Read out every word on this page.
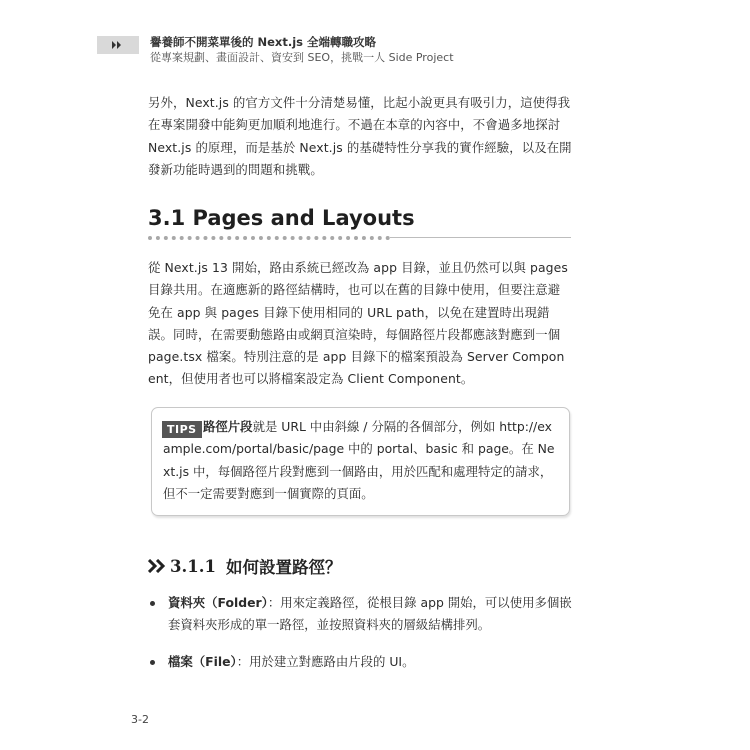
譽養師不開菜單後的 Next.js 全端轉職攻略
從專案規劃、畫面設計、資安到 SEO，挑戰一人 Side Project

另外，Next.js 的官方文件十分清楚易懂，比起小說更具有吸引力，這使得我在專案開發中能夠更加順利地進行。不過在本章的內容中，不會過多地探討 Next.js 的原理，而是基於 Next.js 的基礎特性分享我的實作經驗，以及在開發新功能時遇到的問題和挑戰。

3.1 Pages and Layouts

從 Next.js 13 開始，路由系統已經改為 app 目錄，並且仍然可以與 pages 目錄共用。在適應新的路徑結構時，也可以在舊的目錄中使用，但要注意避免在 app 與 pages 目錄下使用相同的 URL path，以免在建置時出現錯誤。同時，在需要動態路由或網頁渲染時，每個路徑片段都應該對應到一個 page.tsx 檔案。特別注意的是 app 目錄下的檔案預設為 Server Component，但使用者也可以將檔案設定為 Client Component。

TIPS 路徑片段就是 URL 中由斜線 / 分隔的各個部分，例如 http://example.com/portal/basic/page 中的 portal、basic 和 page。在 Next.js 中，每個路徑片段對應到一個路由，用於匹配和處理特定的請求，但不一定需要對應到一個實際的頁面。

3.1.1 如何設置路徑？
資料夾（Folder）：用來定義路徑，從根目錄 app 開始，可以使用多個嵌套資料夾形成的單一路徑，並按照資料夾的層級結構排列。
檔案（File）：用於建立對應路由片段的 UI。
3-2
